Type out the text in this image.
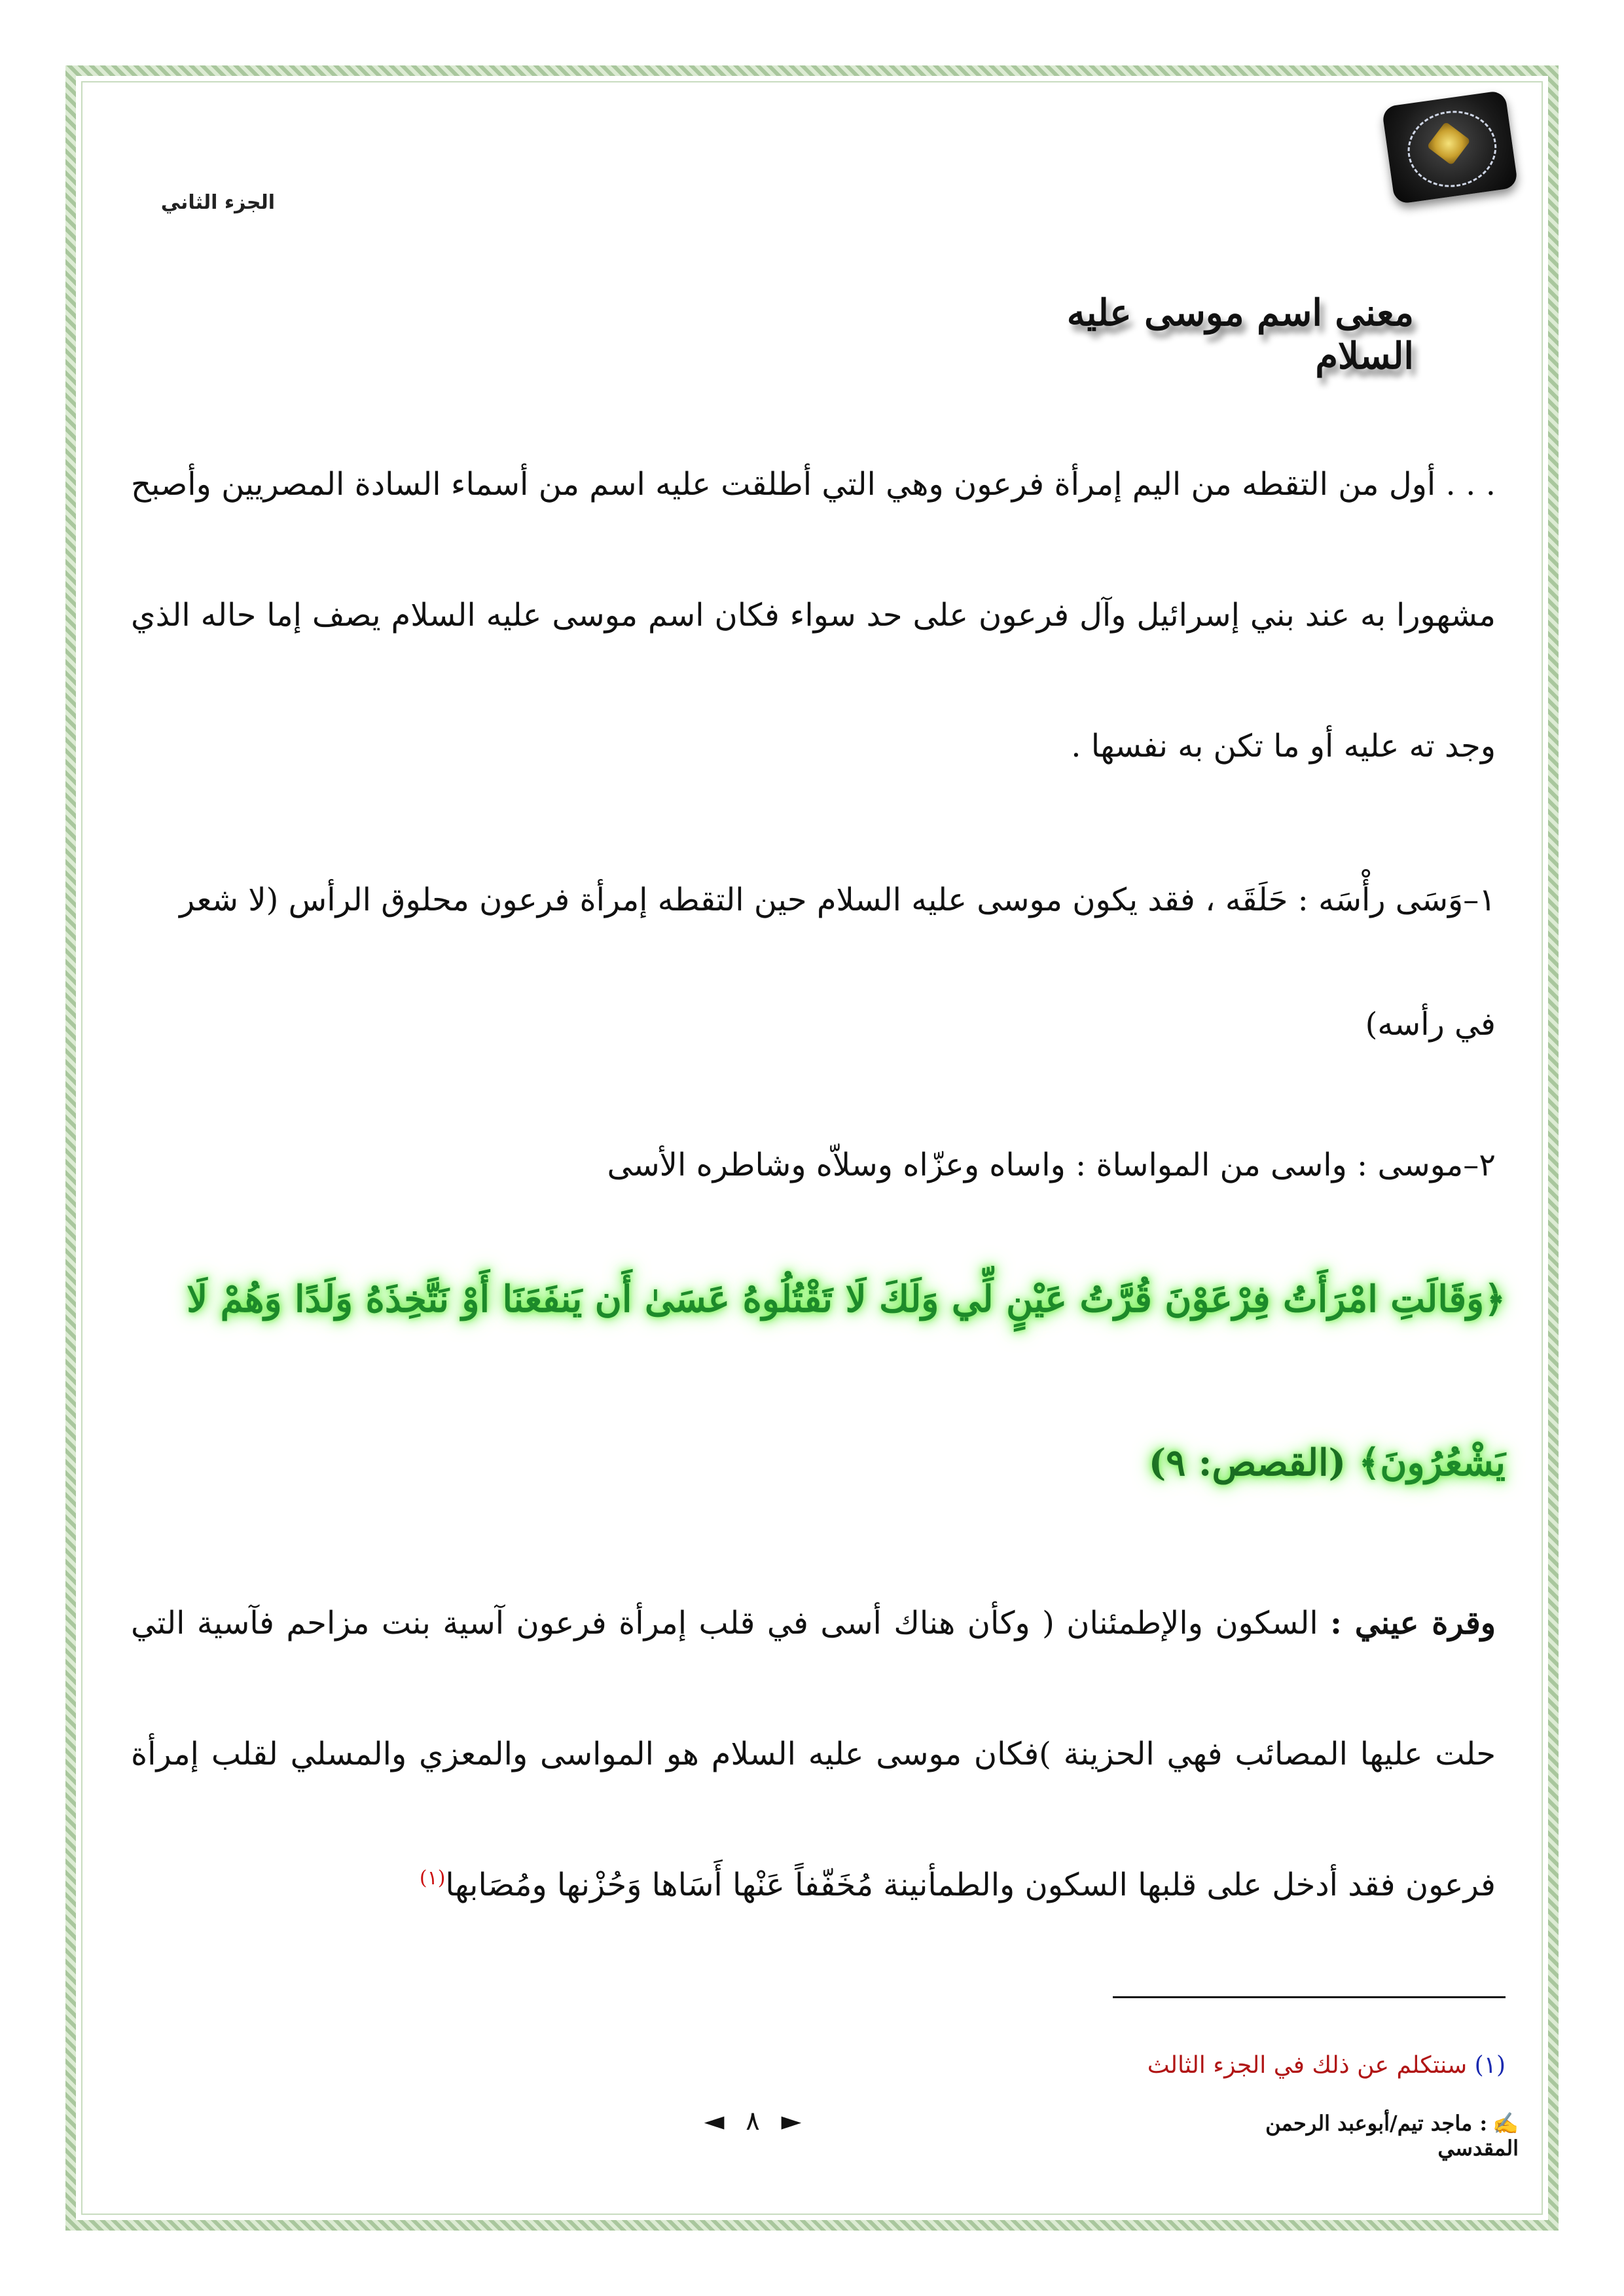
الجزء الثاني
معنى اسم موسى عليه السلام
. . . أول من التقطه من اليم إمرأة فرعون وهي التي أطلقت عليه اسم من أسماء السادة المصريين وأصبح مشهورا به عند بني إسرائيل وآل فرعون على حد سواء فكان اسم موسى عليه السلام يصف إما حاله الذي وجد ته عليه أو ما تكن به نفسها .
١–وَسَى رأْسَه : حَلَقَه ، فقد يكون موسى عليه السلام حين التقطه إمرأة فرعون محلوق الرأس (لا شعر في رأسه)
٢–موسى : واسى من المواساة : واساه وعزّاه وسلاّه وشاطره الأسى
﴿وَقَالَتِ امْرَأَتُ فِرْعَوْنَ قُرَّتُ عَيْنٍ لِّي وَلَكَ لَا تَقْتُلُوهُ عَسَىٰ أَن يَنفَعَنَا أَوْ نَتَّخِذَهُ وَلَدًا وَهُمْ لَا يَشْعُرُونَ﴾ (القصص: ٩)
وقرة عيني : السكون والإطمئنان ( وكأن هناك أسى في قلب إمرأة فرعون آسية بنت مزاحم فآسية التي حلت عليها المصائب فهي الحزينة )فكان موسى عليه السلام هو المواسى والمعزي والمسلي لقلب إمرأة فرعون فقد أدخل على قلبها السكون والطمأنينة مُخَفّفاً عَنْها أَسَاها وَحُزْنها ومُصَابها$^{(١)}$
(١) سنتكلم عن ذلك في الجزء الثالث
◄ ٨ ►	✍: ماجد تيم/أبوعبد الرحمن المقدسي
